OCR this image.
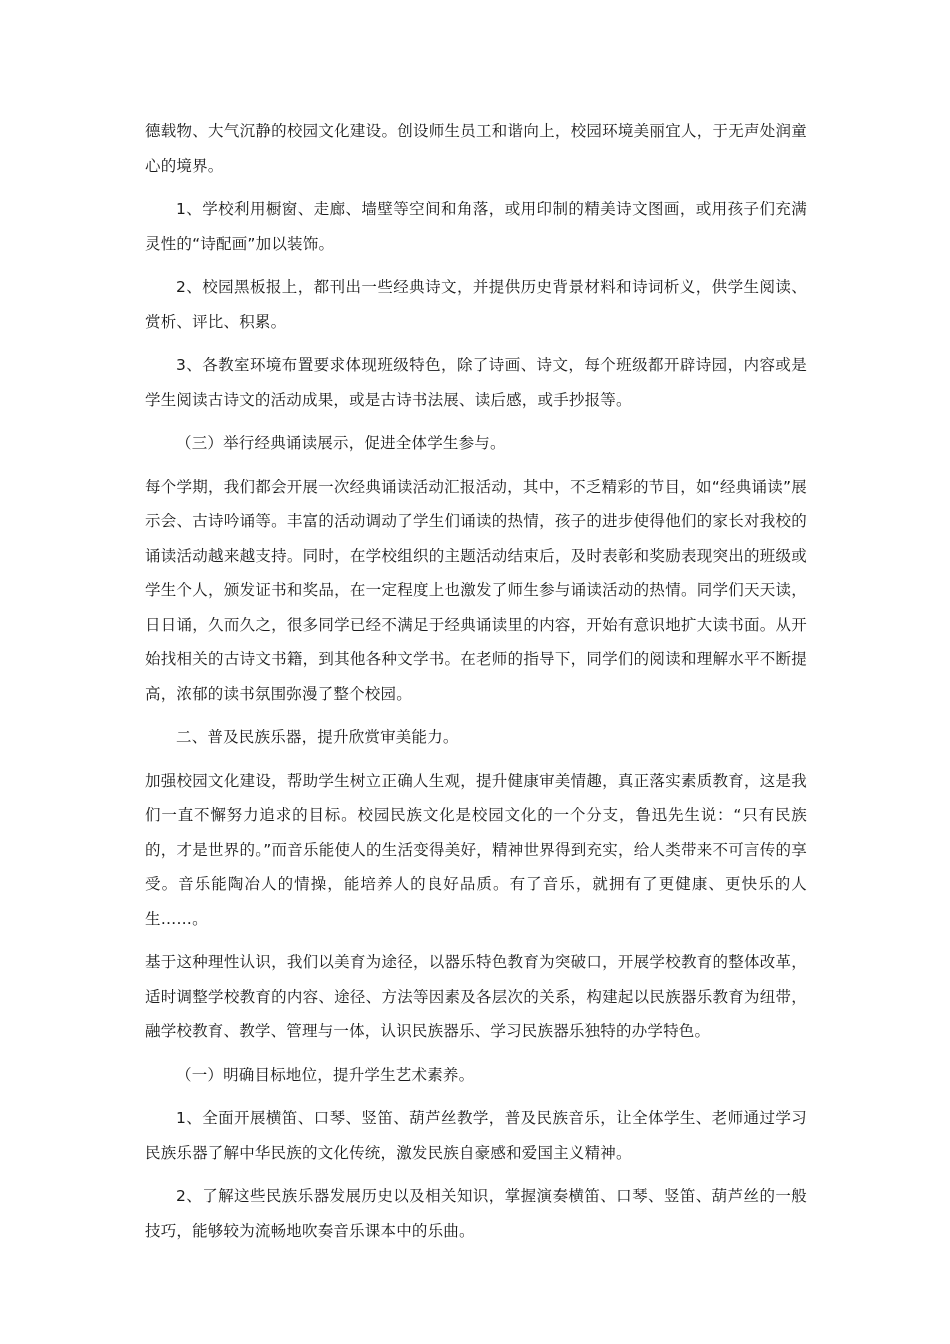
德载物、大气沉静的校园文化建设。创设师生员工和谐向上，校园环境美丽宜人，于无声处润童心的境界。

1、学校利用橱窗、走廊、墙壁等空间和角落，或用印制的精美诗文图画，或用孩子们充满灵性的“诗配画”加以装饰。

2、校园黑板报上，都刊出一些经典诗文，并提供历史背景材料和诗词析义，供学生阅读、赏析、评比、积累。

3、各教室环境布置要求体现班级特色，除了诗画、诗文，每个班级都开辟诗园，内容或是学生阅读古诗文的活动成果，或是古诗书法展、读后感，或手抄报等。

（三）举行经典诵读展示，促进全体学生参与。

每个学期，我们都会开展一次经典诵读活动汇报活动，其中，不乏精彩的节目，如“经典诵读”展示会、古诗吟诵等。丰富的活动调动了学生们诵读的热情，孩子的进步使得他们的家长对我校的诵读活动越来越支持。同时，在学校组织的主题活动结束后，及时表彰和奖励表现突出的班级或学生个人，颁发证书和奖品，在一定程度上也激发了师生参与诵读活动的热情。同学们天天读，日日诵，久而久之，很多同学已经不满足于经典诵读里的内容，开始有意识地扩大读书面。从开始找相关的古诗文书籍，到其他各种文学书。在老师的指导下，同学们的阅读和理解水平不断提高，浓郁的读书氛围弥漫了整个校园。

二、普及民族乐器，提升欣赏审美能力。

加强校园文化建设，帮助学生树立正确人生观，提升健康审美情趣，真正落实素质教育，这是我们一直不懈努力追求的目标。校园民族文化是校园文化的一个分支，鲁迅先生说：“只有民族的，才是世界的。”而音乐能使人的生活变得美好，精神世界得到充实，给人类带来不可言传的享受。音乐能陶冶人的情操，能培养人的良好品质。有了音乐，就拥有了更健康、更快乐的人生……。

基于这种理性认识，我们以美育为途径，以器乐特色教育为突破口，开展学校教育的整体改革，适时调整学校教育的内容、途径、方法等因素及各层次的关系，构建起以民族器乐教育为纽带，融学校教育、教学、管理与一体，认识民族器乐、学习民族器乐独特的办学特色。

（一）明确目标地位，提升学生艺术素养。

1、全面开展横笛、口琴、竖笛、葫芦丝教学，普及民族音乐，让全体学生、老师通过学习民族乐器了解中华民族的文化传统，激发民族自豪感和爱国主义精神。

2、了解这些民族乐器发展历史以及相关知识，掌握演奏横笛、口琴、竖笛、葫芦丝的一般技巧，能够较为流畅地吹奏音乐课本中的乐曲。
